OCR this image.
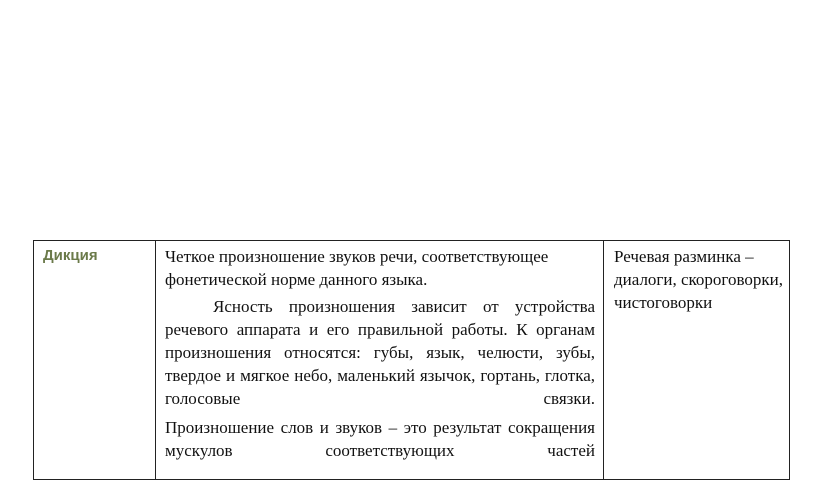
Дикция	Четкое произношение звуков речи, соответствующее фонетической норме данного языка.

Ясность произношения зависит от устройства речевого аппарата и его правильной работы. К органам произношения относятся: губы, язык, челюсти, зубы, твердое и мягкое небо, маленький язычок, гортань, глотка, голосовые связки.

Произношение слов и звуков – это результат сокращения мускулов соответствующих частей

Речевая разминка – диалоги, скороговорки, чистоговорки
